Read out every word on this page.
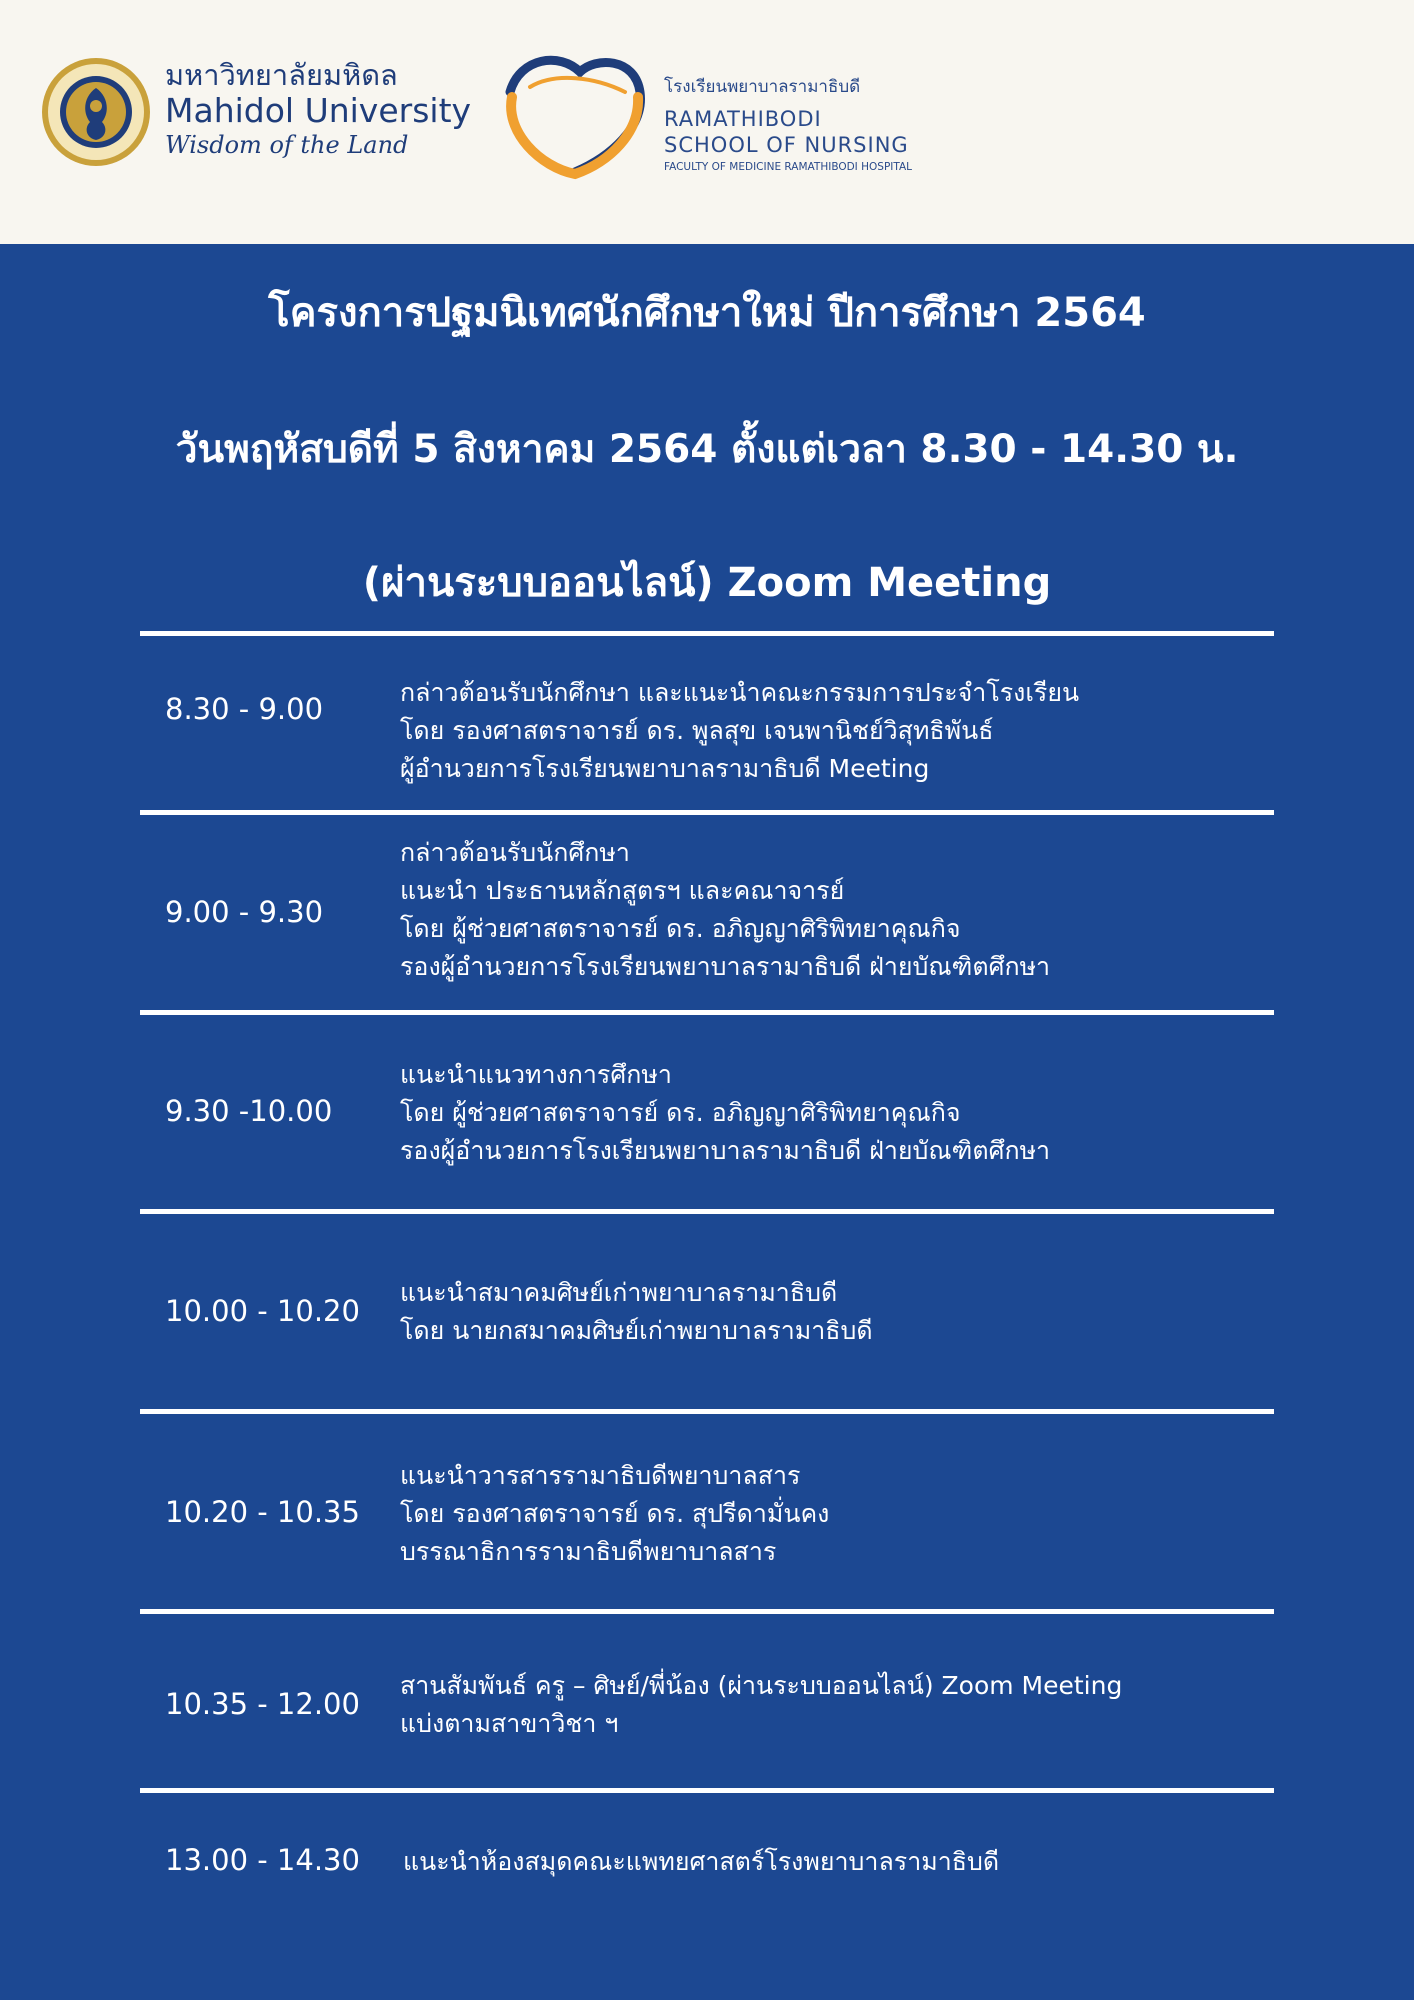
มหาวิทยาลัยมหิดล
Mahidol University
Wisdom of the Land
โรงเรียนพยาบาลรามาธิบดี
RAMATHIBODI
SCHOOL OF NURSING
FACULTY OF MEDICINE RAMATHIBODI HOSPITAL
โครงการปฐมนิเทศนักศึกษาใหม่ ปีการศึกษา 2564
วันพฤหัสบดีที่ 5 สิงหาคม 2564 ตั้งแต่เวลา 8.30 - 14.30 น.
(ผ่านระบบออนไลน์) Zoom Meeting
8.30 - 9.00	กล่าวต้อนรับนักศึกษา และแนะนำคณะกรรมการประจำโรงเรียน
โดย รองศาสตราจารย์ ดร. พูลสุข เจนพานิชย์วิสุทธิพันธ์
ผู้อำนวยการโรงเรียนพยาบาลรามาธิบดี Meeting
9.00 - 9.30
กล่าวต้อนรับนักศึกษา
แนะนำ ประธานหลักสูตรฯ และคณาจารย์
โดย ผู้ช่วยศาสตราจารย์ ดร. อภิญญาศิริพิทยาคุณกิจ
รองผู้อำนวยการโรงเรียนพยาบาลรามาธิบดี ฝ่ายบัณฑิตศึกษา
9.30 -10.00
แนะนำแนวทางการศึกษา
โดย ผู้ช่วยศาสตราจารย์ ดร. อภิญญาศิริพิทยาคุณกิจ
รองผู้อำนวยการโรงเรียนพยาบาลรามาธิบดี ฝ่ายบัณฑิตศึกษา
10.00 - 10.20
แนะนำสมาคมศิษย์เก่าพยาบาลรามาธิบดี
โดย นายกสมาคมศิษย์เก่าพยาบาลรามาธิบดี
10.20 - 10.35
แนะนำวารสารรามาธิบดีพยาบาลสาร
โดย รองศาสตราจารย์ ดร. สุปรีดามั่นคง
บรรณาธิการรามาธิบดีพยาบาลสาร
10.35 - 12.00
สานสัมพันธ์ ครู – ศิษย์/พี่น้อง (ผ่านระบบออนไลน์) Zoom Meeting
แบ่งตามสาขาวิชา ฯ
13.00 - 14.30 แนะนำห้องสมุดคณะแพทยศาสตร์โรงพยาบาลรามาธิบดี
